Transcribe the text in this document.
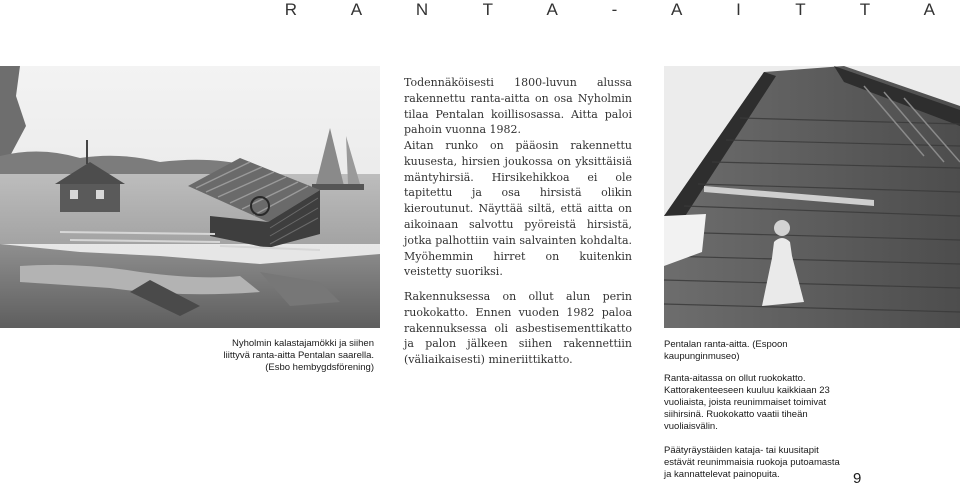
R A N T A - A I T T A
Nyholmin kalastajamökki ja siihen liittyvä ranta-aitta Pentalan saarella. (Esbo hembygdsförening)

Todennäköisesti 1800-luvun alussa rakennettu ranta-aitta on osa Nyholmin tilaa Pentalan koillisosassa. Aitta paloi pahoin vuonna 1982.

Aitan runko on pääosin rakennettu kuusesta, hirsien joukossa on yksittäisiä mäntyhirsiä. Hirsikehikkoa ei ole tapitettu ja osa hirsistä olikin kieroutunut. Näyttää siltä, että aitta on aikoinaan salvottu pyöreistä hirsistä, jotka palhottiin vain salvainten kohdalta. Myöhemmin hirret on kuitenkin veistetty suoriksi.

Rakennuksessa on ollut alun perin ruokokatto. Ennen vuoden 1982 paloa rakennuksessa oli asbestisementtikatto ja palon jälkeen siihen rakennettiin (väliaikaisesti) mineriittikatto.

Pentalan ranta-aitta. (Espoon kaupunginmuseo)
Ranta-aitassa on ollut ruokokatto. Kattorakenteeseen kuuluu kaikkiaan 23 vuoliaista, joista reunimmaiset toimivat siihirsinä. Ruokokatto vaatii tiheän vuoliaisvälin.
Päätyräystäiden kataja- tai kuusitapit estävät reunimmaisia ruokoja putoamasta ja kannattelevat painopuita.	9
